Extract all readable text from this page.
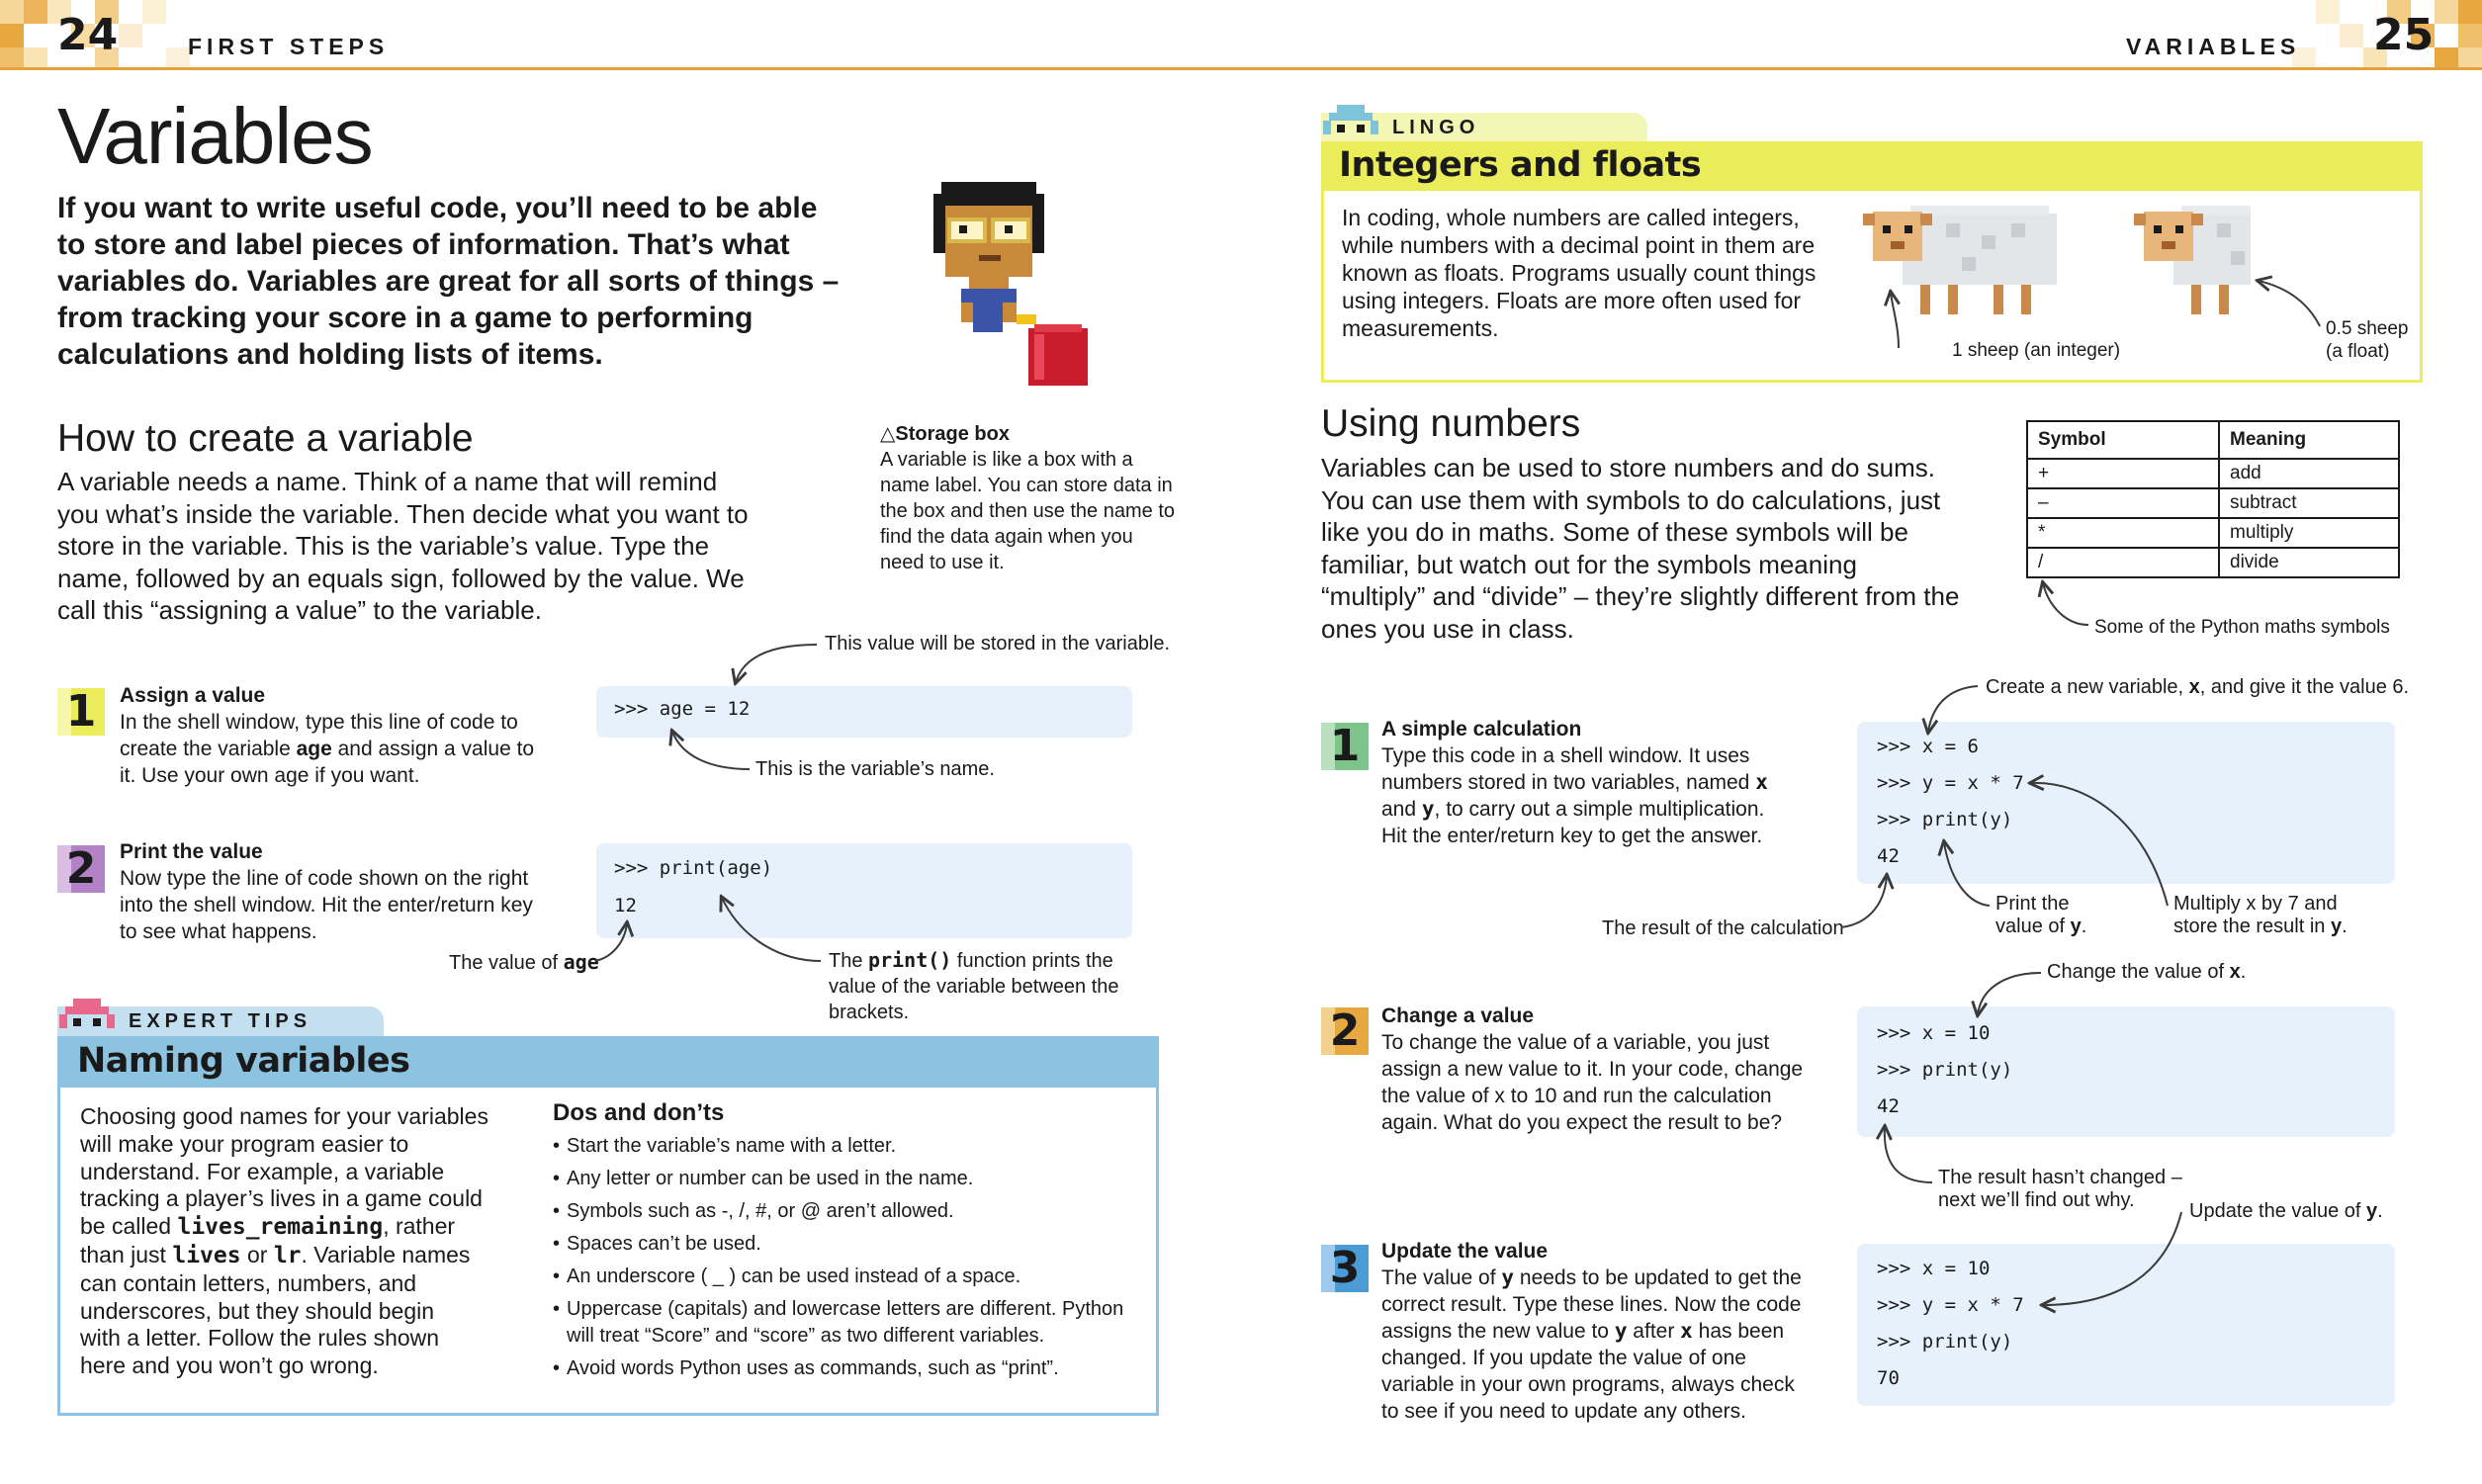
24	FIRST STEPS	VARIABLES 25
Variables

If you want to write useful code, you’ll need to be able to store and label pieces of information. That’s what variables do. Variables are great for all sorts of things – from tracking your score in a game to performing calculations and holding lists of items.

△Storage box
A variable is like a box with a name label. You can store data in the box and then use the name to find the data again when you need to use it.
How to create a variable

A variable needs a name. Think of a name that will remind you what’s inside the variable. Then decide what you want to store in the variable. This is the variable’s value. Type the name, followed by an equals sign, followed by the value. We call this “assigning a value” to the variable.

1	Assign a value

In the shell window, type this line of code to create the variable age and assign a value to it. Use your own age if you want.

>>> age = 12
This value will be stored in the variable.
This is the variable’s name.
2	Print the value

Now type the line of code shown on the right into the shell window. Hit the enter/return key to see what happens.

>>> print(age)
12
The value of age	The print() function prints the value of the variable between the brackets.
EXPERT TIPS
Naming variables
Choosing good names for your variables
will make your program easier to
understand. For example, a variable
tracking a player’s lives in a game could
be called lives_remaining, rather
than just lives or lr. Variable names
can contain letters, numbers, and
underscores, but they should begin
with a letter. Follow the rules shown
here and you won’t go wrong.
Dos and don’ts
• Start the variable’s name with a letter.
• Any letter or number can be used in the name.
• Symbols such as -, /, #, or @ aren’t allowed.
• Spaces can’t be used.
• An underscore ( _ ) can be used instead of a space.
• Uppercase (capitals) and lowercase letters are different. Python will treat “Score” and “score” as two different variables.
• Avoid words Python uses as commands, such as “print”.
LINGO
Integers and floats

In coding, whole numbers are called integers, while numbers with a decimal point in them are known as floats. Programs usually count things using integers. Floats are more often used for measurements.

1 sheep (an integer)
0.5 sheep
(a float)
Using numbers

Variables can be used to store numbers and do sums. You can use them with symbols to do calculations, just like you do in maths. Some of these symbols will be familiar, but watch out for the symbols meaning “multiply” and “divide” – they’re slightly different from the ones you use in class.

Symbol	Meaning
+	add
–	subtract
*	multiply
/	divide
Some of the Python maths symbols
1	A simple calculation
Type this code in a shell window. It uses
numbers stored in two variables, named x
and y, to carry out a simple multiplication.
Hit the enter/return key to get the answer.
>>> x = 6
>>> y = x * 7
>>> print(y)
42
Create a new variable, x, and give it the value 6.
The result of the calculation
Print the
value of y.
Multiply x by 7 and
store the result in y.
2	Change a value

To change the value of a variable, you just assign a new value to it. In your code, change the value of x to 10 and run the calculation again. What do you expect the result to be?

>>> x = 10
>>> print(y)
42
Change the value of x.
The result hasn’t changed –
next we’ll find out why.
3	Update the value
The value of y needs to be updated to get the
correct result. Type these lines. Now the code
assigns the new value to y after x has been
changed. If you update the value of one
variable in your own programs, always check
to see if you need to update any others.
>>> x = 10
>>> y = x * 7
>>> print(y)
70
Update the value of y.
